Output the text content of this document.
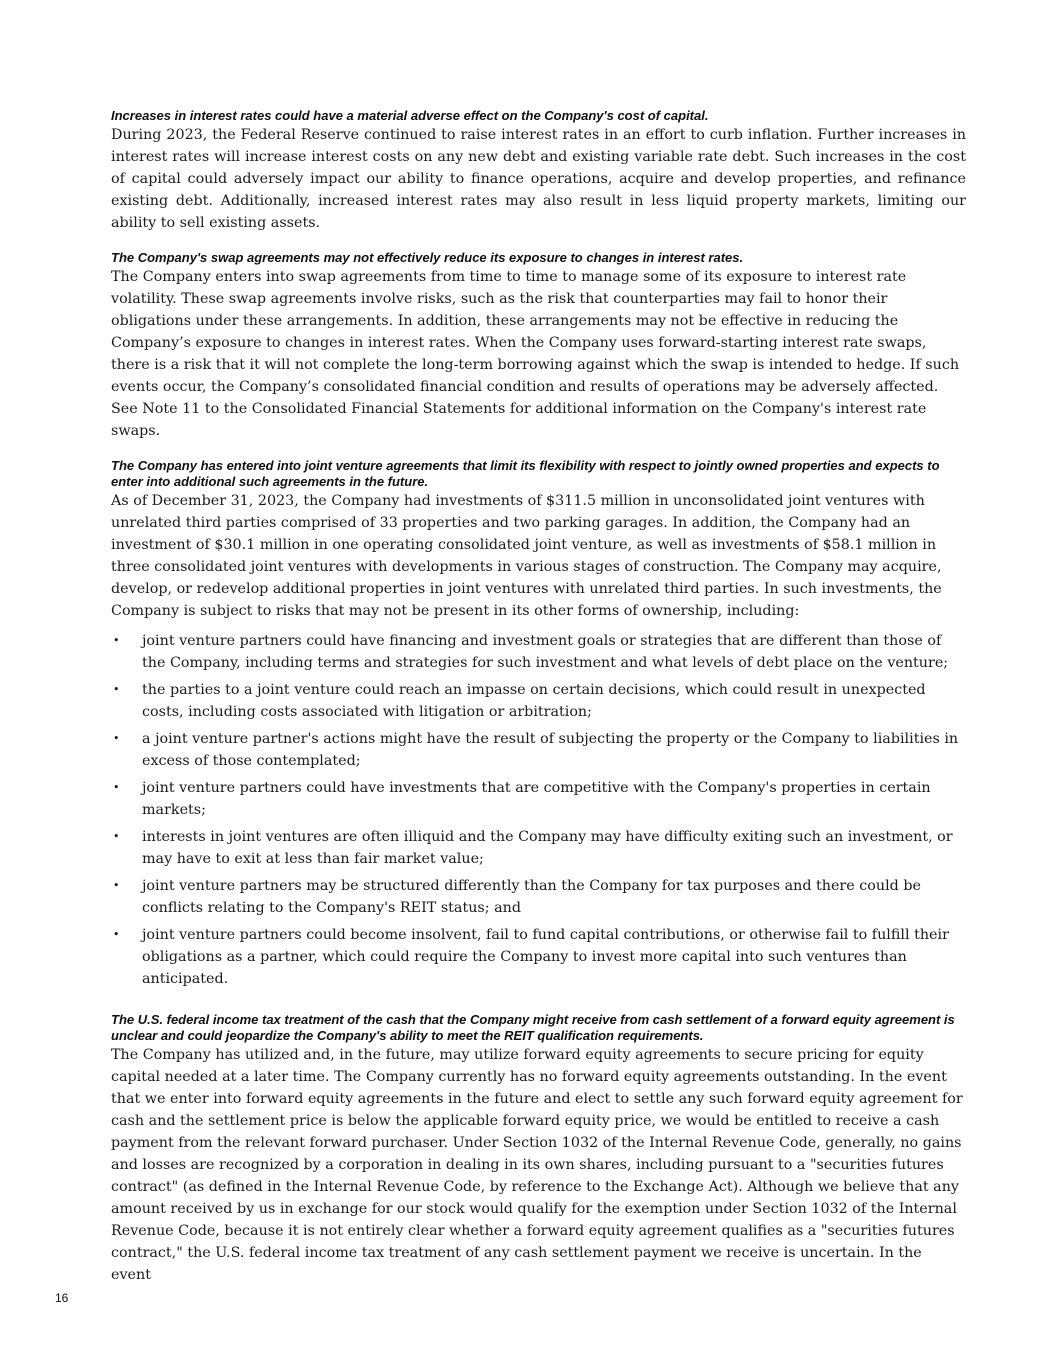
Increases in interest rates could have a material adverse effect on the Company's cost of capital.

During 2023, the Federal Reserve continued to raise interest rates in an effort to curb inflation. Further increases in interest rates will increase interest costs on any new debt and existing variable rate debt. Such increases in the cost of capital could adversely impact our ability to finance operations, acquire and develop properties, and refinance existing debt. Additionally, increased interest rates may also result in less liquid property markets, limiting our ability to sell existing assets.

The Company's swap agreements may not effectively reduce its exposure to changes in interest rates.

The Company enters into swap agreements from time to time to manage some of its exposure to interest rate volatility. These swap agreements involve risks, such as the risk that counterparties may fail to honor their obligations under these arrangements. In addition, these arrangements may not be effective in reducing the Company’s exposure to changes in interest rates. When the Company uses forward-starting interest rate swaps, there is a risk that it will not complete the long-term borrowing against which the swap is intended to hedge. If such events occur, the Company’s consolidated financial condition and results of operations may be adversely affected. See Note 11 to the Consolidated Financial Statements for additional information on the Company's interest rate swaps.

The Company has entered into joint venture agreements that limit its flexibility with respect to jointly owned properties and expects to enter into additional such agreements in the future.

As of December 31, 2023, the Company had investments of $311.5 million in unconsolidated joint ventures with unrelated third parties comprised of 33 properties and two parking garages. In addition, the Company had an investment of $30.1 million in one operating consolidated joint venture, as well as investments of $58.1 million in three consolidated joint ventures with developments in various stages of construction. The Company may acquire, develop, or redevelop additional properties in joint ventures with unrelated third parties. In such investments, the Company is subject to risks that may not be present in its other forms of ownership, including:

• joint venture partners could have financing and investment goals or strategies that are different than those of the Company, including terms and strategies for such investment and what levels of debt place on the venture;
• the parties to a joint venture could reach an impasse on certain decisions, which could result in unexpected costs, including costs associated with litigation or arbitration;
• a joint venture partner's actions might have the result of subjecting the property or the Company to liabilities in excess of those contemplated;
• joint venture partners could have investments that are competitive with the Company's properties in certain markets;
• interests in joint ventures are often illiquid and the Company may have difficulty exiting such an investment, or may have to exit at less than fair market value;
• joint venture partners may be structured differently than the Company for tax purposes and there could be conflicts relating to the Company's REIT status; and
• joint venture partners could become insolvent, fail to fund capital contributions, or otherwise fail to fulfill their obligations as a partner, which could require the Company to invest more capital into such ventures than anticipated.

The U.S. federal income tax treatment of the cash that the Company might receive from cash settlement of a forward equity agreement is unclear and could jeopardize the Company's ability to meet the REIT qualification requirements.

The Company has utilized and, in the future, may utilize forward equity agreements to secure pricing for equity capital needed at a later time. The Company currently has no forward equity agreements outstanding. In the event that we enter into forward equity agreements in the future and elect to settle any such forward equity agreement for cash and the settlement price is below the applicable forward equity price, we would be entitled to receive a cash payment from the relevant forward purchaser. Under Section 1032 of the Internal Revenue Code, generally, no gains and losses are recognized by a corporation in dealing in its own shares, including pursuant to a "securities futures contract" (as defined in the Internal Revenue Code, by reference to the Exchange Act). Although we believe that any amount received by us in exchange for our stock would qualify for the exemption under Section 1032 of the Internal Revenue Code, because it is not entirely clear whether a forward equity agreement qualifies as a "securities futures contract," the U.S. federal income tax treatment of any cash settlement payment we receive is uncertain. In the event

16
